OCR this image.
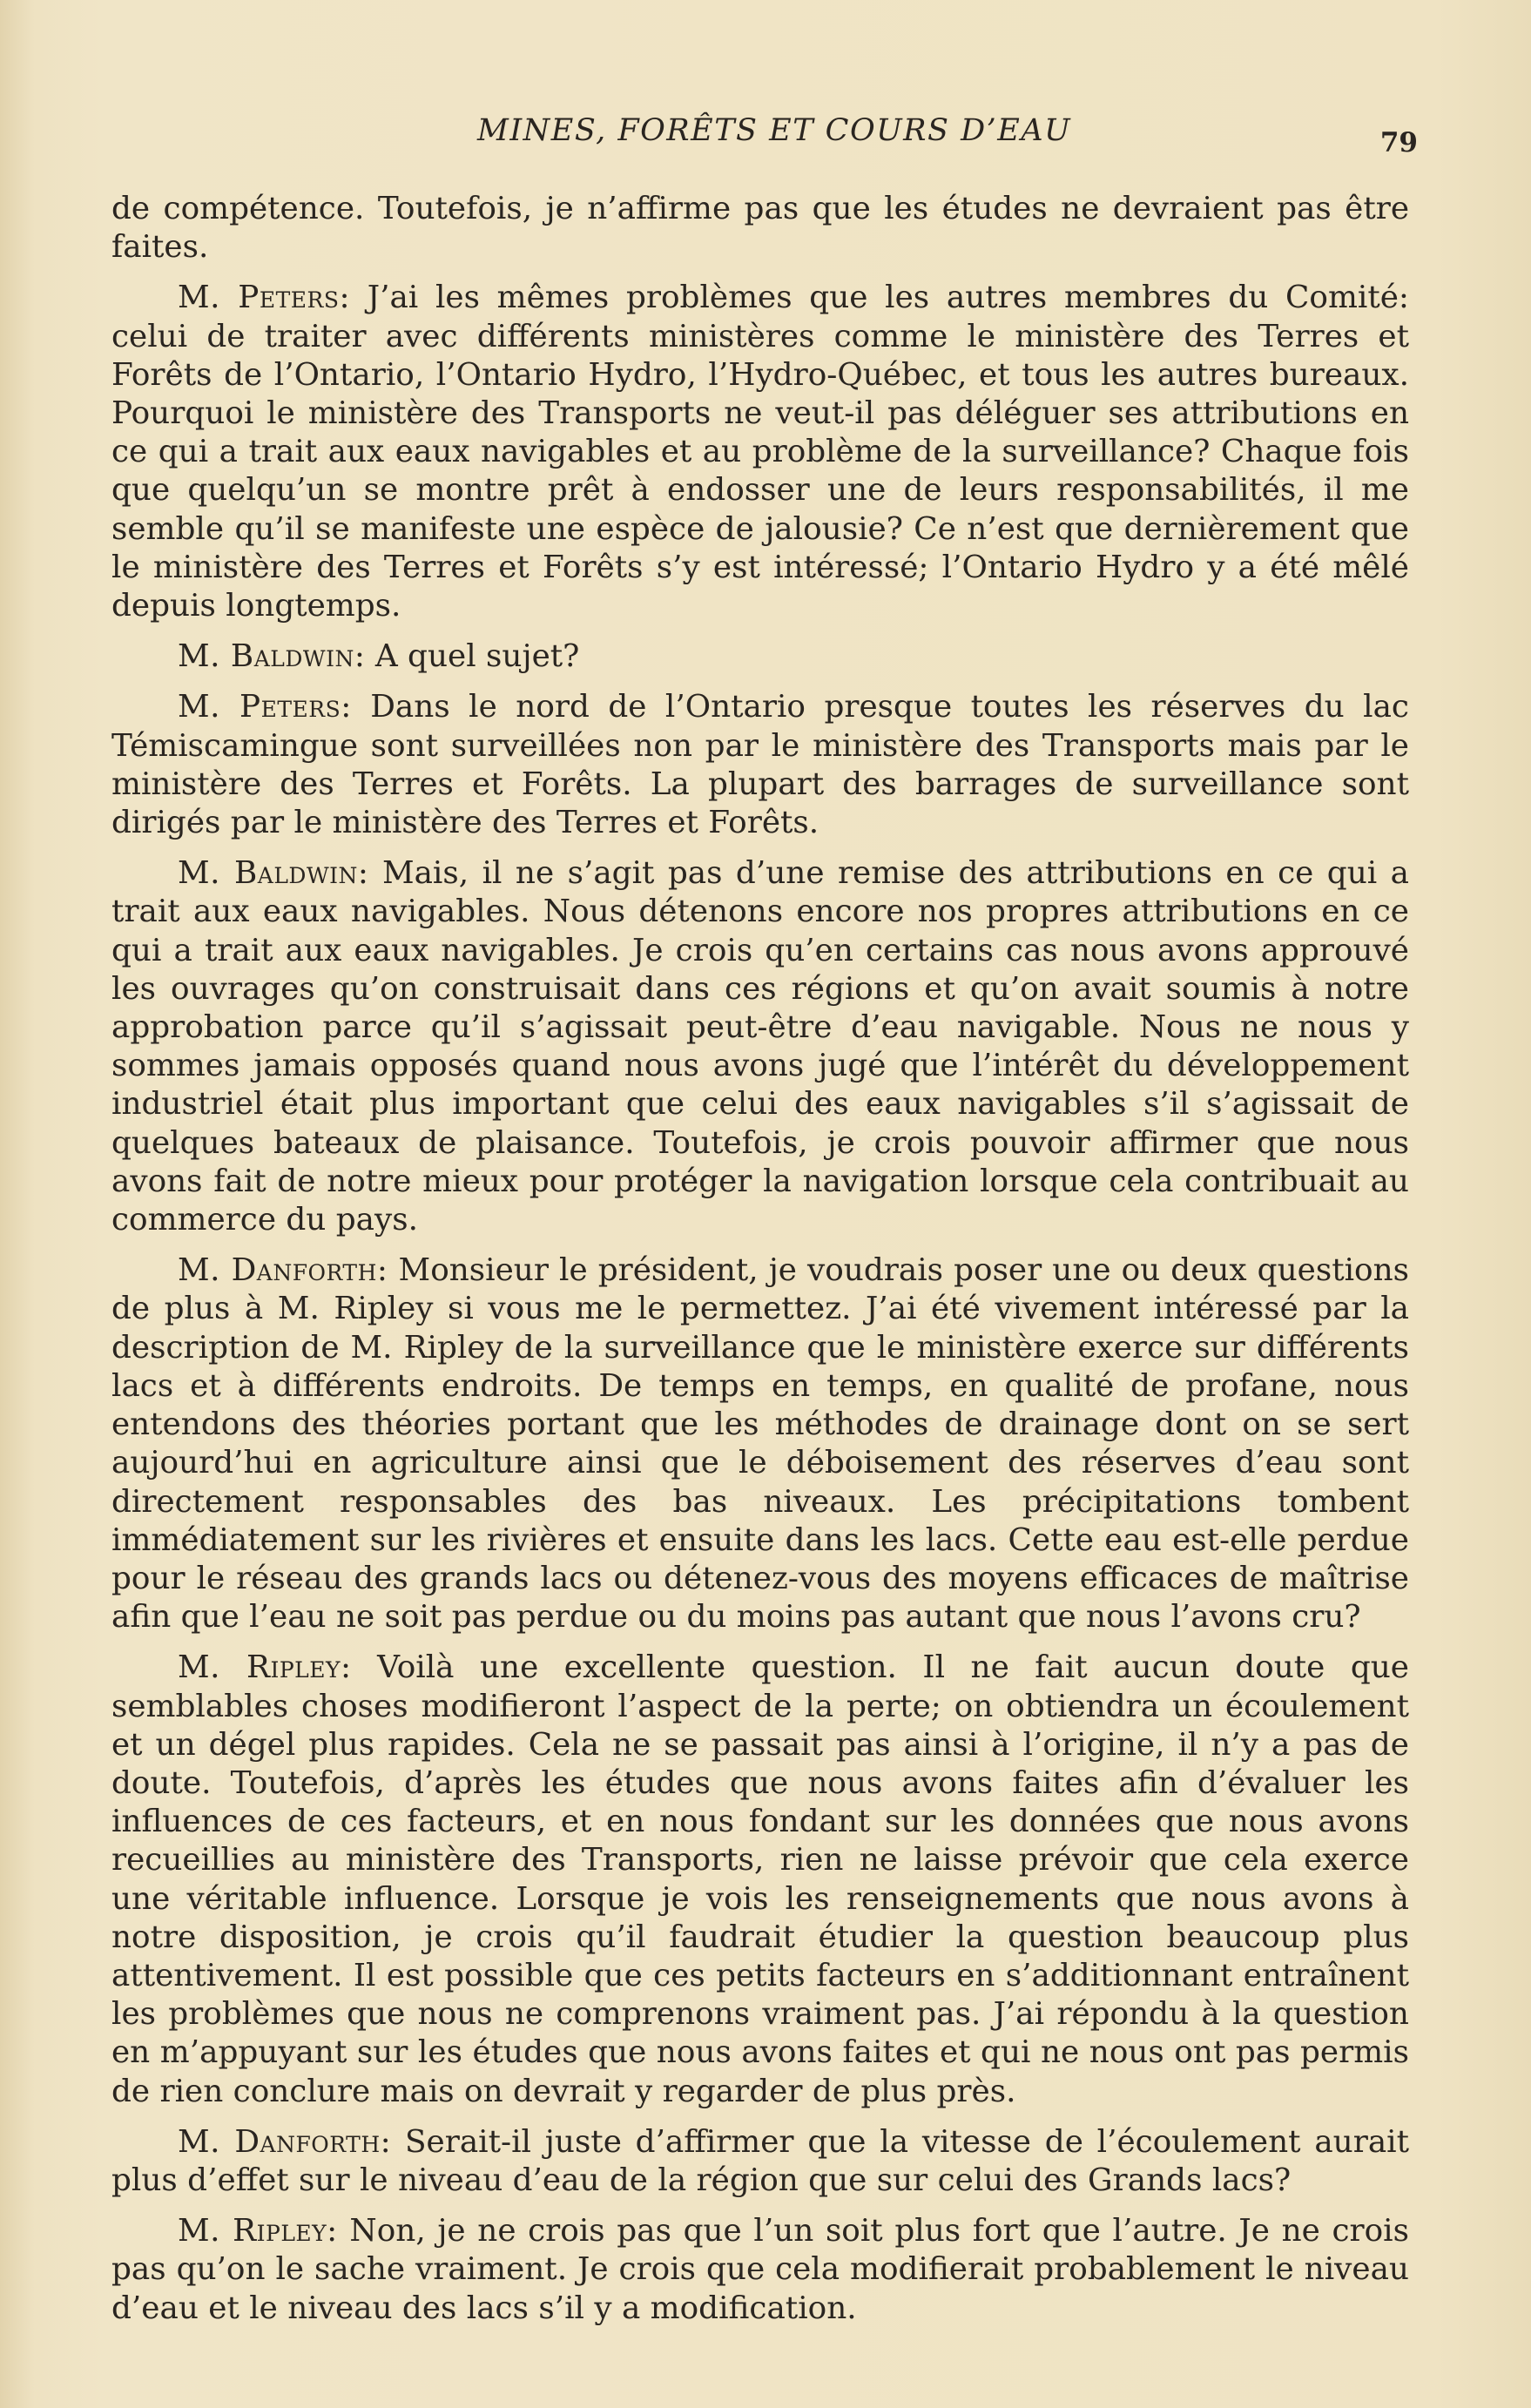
MINES, FORÊTS ET COURS D’EAU	79

de compétence. Toutefois, je n’affirme pas que les études ne devraient pas être faites.

M. Peters: J’ai les mêmes problèmes que les autres membres du Comité: celui de traiter avec différents ministères comme le ministère des Terres et Forêts de l’Ontario, l’Ontario Hydro, l’Hydro-Québec, et tous les autres bureaux. Pourquoi le ministère des Transports ne veut-il pas déléguer ses attributions en ce qui a trait aux eaux navigables et au problème de la surveillance? Chaque fois que quelqu’un se montre prêt à endosser une de leurs responsabilités, il me semble qu’il se manifeste une espèce de jalousie? Ce n’est que dernièrement que le ministère des Terres et Forêts s’y est intéressé; l’Ontario Hydro y a été mêlé depuis longtemps.

M. Baldwin: A quel sujet?

M. Peters: Dans le nord de l’Ontario presque toutes les réserves du lac Témiscamingue sont surveillées non par le ministère des Transports mais par le ministère des Terres et Forêts. La plupart des barrages de surveillance sont dirigés par le ministère des Terres et Forêts.

M. Baldwin: Mais, il ne s’agit pas d’une remise des attributions en ce qui a trait aux eaux navigables. Nous détenons encore nos propres attributions en ce qui a trait aux eaux navigables. Je crois qu’en certains cas nous avons approuvé les ouvrages qu’on construisait dans ces régions et qu’on avait soumis à notre approbation parce qu’il s’agissait peut-être d’eau navigable. Nous ne nous y sommes jamais opposés quand nous avons jugé que l’intérêt du développement industriel était plus important que celui des eaux navigables s’il s’agissait de quelques bateaux de plaisance. Toutefois, je crois pouvoir affirmer que nous avons fait de notre mieux pour protéger la navigation lorsque cela contribuait au commerce du pays.

M. Danforth: Monsieur le président, je voudrais poser une ou deux questions de plus à M. Ripley si vous me le permettez. J’ai été vivement intéressé par la description de M. Ripley de la surveillance que le ministère exerce sur différents lacs et à différents endroits. De temps en temps, en qualité de profane, nous entendons des théories portant que les méthodes de drainage dont on se sert aujourd’hui en agriculture ainsi que le déboisement des réserves d’eau sont directement responsables des bas niveaux. Les précipitations tombent immédiatement sur les rivières et ensuite dans les lacs. Cette eau est-elle perdue pour le réseau des grands lacs ou détenez-vous des moyens efficaces de maîtrise afin que l’eau ne soit pas perdue ou du moins pas autant que nous l’avons cru?

M. Ripley: Voilà une excellente question. Il ne fait aucun doute que semblables choses modifieront l’aspect de la perte; on obtiendra un écoulement et un dégel plus rapides. Cela ne se passait pas ainsi à l’origine, il n’y a pas de doute. Toutefois, d’après les études que nous avons faites afin d’évaluer les influences de ces facteurs, et en nous fondant sur les données que nous avons recueillies au ministère des Transports, rien ne laisse prévoir que cela exerce une véritable influence. Lorsque je vois les renseignements que nous avons à notre disposition, je crois qu’il faudrait étudier la question beaucoup plus attentivement. Il est possible que ces petits facteurs en s’additionnant entraînent les problèmes que nous ne comprenons vraiment pas. J’ai répondu à la question en m’appuyant sur les études que nous avons faites et qui ne nous ont pas permis de rien conclure mais on devrait y regarder de plus près.

M. Danforth: Serait-il juste d’affirmer que la vitesse de l’écoulement aurait plus d’effet sur le niveau d’eau de la région que sur celui des Grands lacs?

M. Ripley: Non, je ne crois pas que l’un soit plus fort que l’autre. Je ne crois pas qu’on le sache vraiment. Je crois que cela modifierait probablement le niveau d’eau et le niveau des lacs s’il y a modification.
